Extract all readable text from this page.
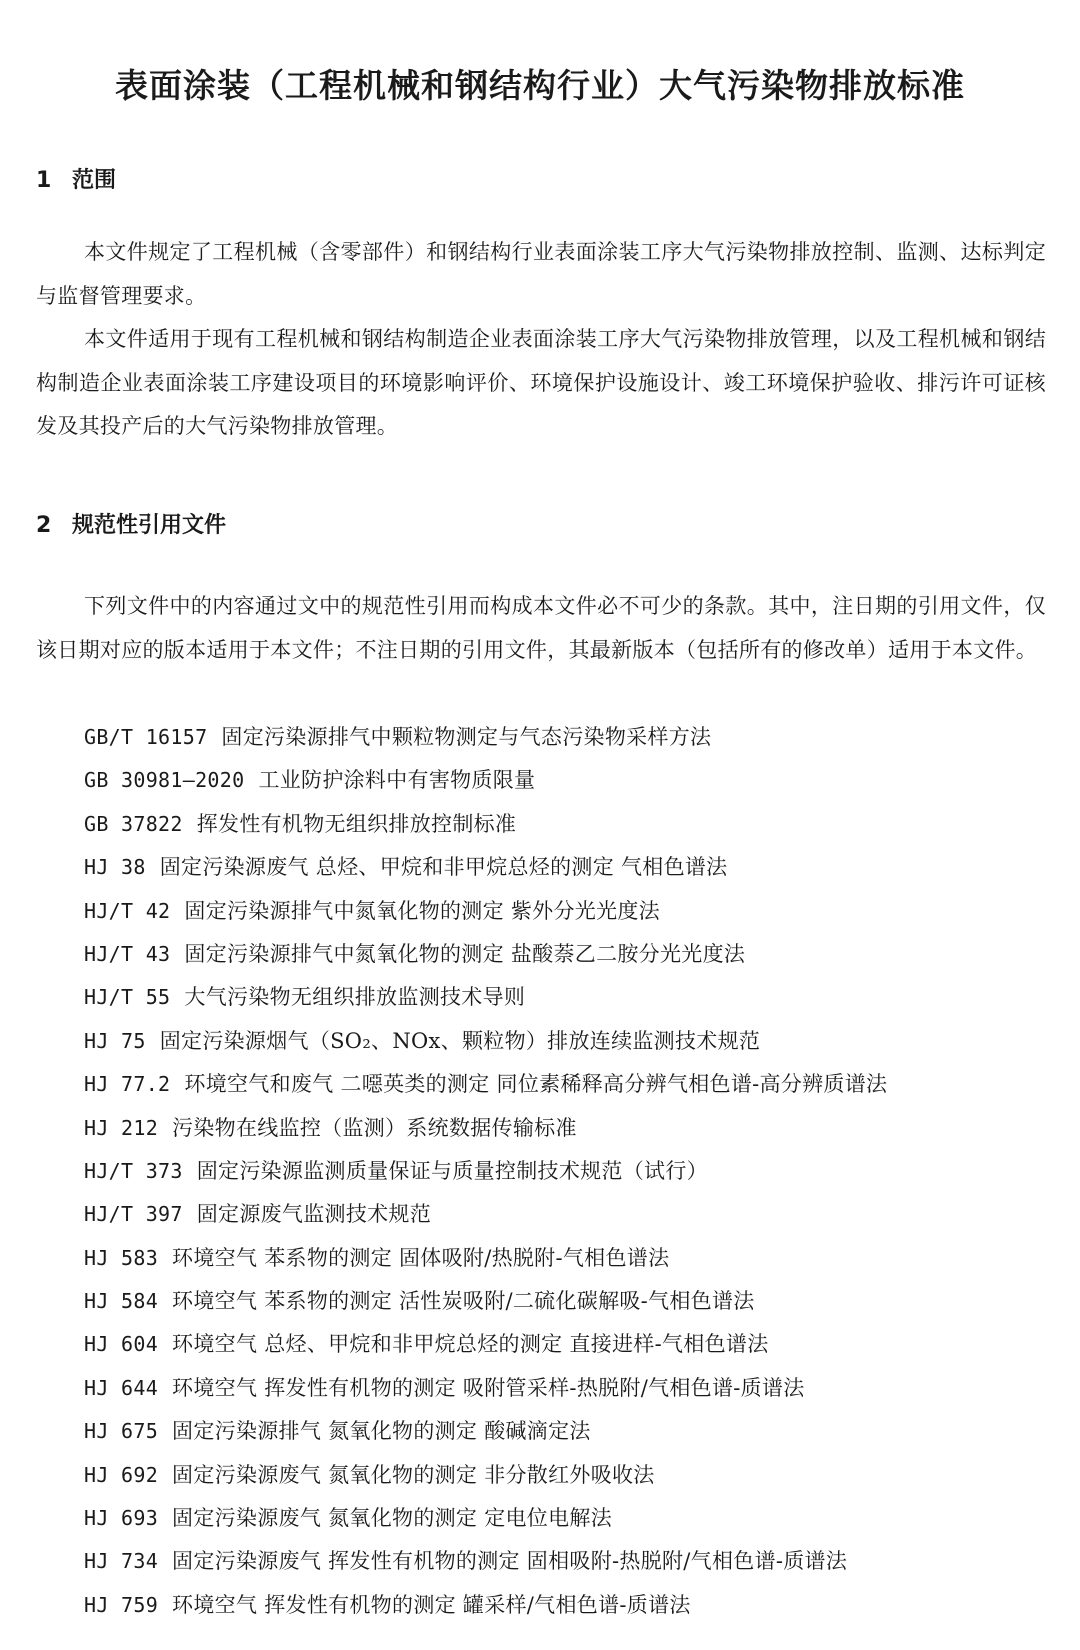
表面涂装（工程机械和钢结构行业）大气污染物排放标准
1 范围

本文件规定了工程机械（含零部件）和钢结构行业表面涂装工序大气污染物排放控制、监测、达标判定与监督管理要求。

本文件适用于现有工程机械和钢结构制造企业表面涂装工序大气污染物排放管理，以及工程机械和钢结构制造企业表面涂装工序建设项目的环境影响评价、环境保护设施设计、竣工环境保护验收、排污许可证核发及其投产后的大气污染物排放管理。

2 规范性引用文件

下列文件中的内容通过文中的规范性引用而构成本文件必不可少的条款。其中，注日期的引用文件，仅该日期对应的版本适用于本文件；不注日期的引用文件，其最新版本（包括所有的修改单）适用于本文件。

GB/T 16157 固定污染源排气中颗粒物测定与气态污染物采样方法
GB 30981—2020 工业防护涂料中有害物质限量
GB 37822 挥发性有机物无组织排放控制标准
HJ 38 固定污染源废气 总烃、甲烷和非甲烷总烃的测定 气相色谱法
HJ/T 42 固定污染源排气中氮氧化物的测定 紫外分光光度法
HJ/T 43 固定污染源排气中氮氧化物的测定 盐酸萘乙二胺分光光度法
HJ/T 55 大气污染物无组织排放监测技术导则
HJ 75 固定污染源烟气（SO₂、NOx、颗粒物）排放连续监测技术规范
HJ 77.2 环境空气和废气 二噁英类的测定 同位素稀释高分辨气相色谱-高分辨质谱法
HJ 212 污染物在线监控（监测）系统数据传输标准
HJ/T 373 固定污染源监测质量保证与质量控制技术规范（试行）
HJ/T 397 固定源废气监测技术规范
HJ 583 环境空气 苯系物的测定 固体吸附/热脱附-气相色谱法
HJ 584 环境空气 苯系物的测定 活性炭吸附/二硫化碳解吸-气相色谱法
HJ 604 环境空气 总烃、甲烷和非甲烷总烃的测定 直接进样-气相色谱法
HJ 644 环境空气 挥发性有机物的测定 吸附管采样-热脱附/气相色谱-质谱法
HJ 675 固定污染源排气 氮氧化物的测定 酸碱滴定法
HJ 692 固定污染源废气 氮氧化物的测定 非分散红外吸收法
HJ 693 固定污染源废气 氮氧化物的测定 定电位电解法
HJ 734 固定污染源废气 挥发性有机物的测定 固相吸附-热脱附/气相色谱-质谱法
HJ 759 环境空气 挥发性有机物的测定 罐采样/气相色谱-质谱法
